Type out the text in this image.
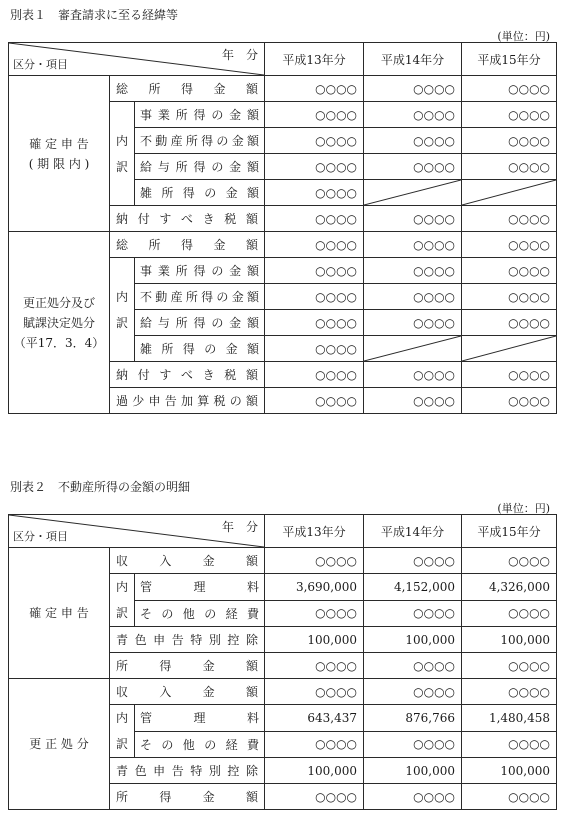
別表１　審査請求に至る経緯等
(単位：円)
年　分
区分・項目			平成13年分	平成14年分	平成15年分

確 定 申 告
( 期 限 内 )	総所得金額		○○○○	○○○○	○○○○

	内
訳	事業所得の金額	○○○○	○○○○	○○○○
		不動産所得の金額	○○○○	○○○○	○○○○
		給与所得の金額	○○○○	○○○○	○○○○
		雑所得の金額	○○○○	

	納付すべき税額		○○○○	○○○○	○○○○

更正処分及び
賦課決定処分
（平17．3．4）	総所得金額		○○○○	○○○○	○○○○

	内
訳	事業所得の金額	○○○○	○○○○	○○○○
		不動産所得の金額	○○○○	○○○○	○○○○
		給与所得の金額	○○○○	○○○○	○○○○
		雑所得の金額	○○○○	

	納付すべき税額		○○○○	○○○○	○○○○
	過少申告加算税の額		○○○○	○○○○	○○○○
別表２　不動産所得の金額の明細
(単位：円)
年　分
区分・項目			平成13年分	平成14年分	平成15年分

確 定 申 告	収入金額		○○○○	○○○○	○○○○

	内
訳	管理料	3,690,000	4,152,000	4,326,000
		その他の経費	○○○○	○○○○	○○○○
	青色申告特別控除		100,000	100,000	100,000
	所得金額		○○○○	○○○○	○○○○

更 正 処 分	収入金額		○○○○	○○○○	○○○○

	内
訳	管理料	643,437	876,766	1,480,458
		その他の経費	○○○○	○○○○	○○○○
	青色申告特別控除		100,000	100,000	100,000
	所得金額		○○○○	○○○○	○○○○
